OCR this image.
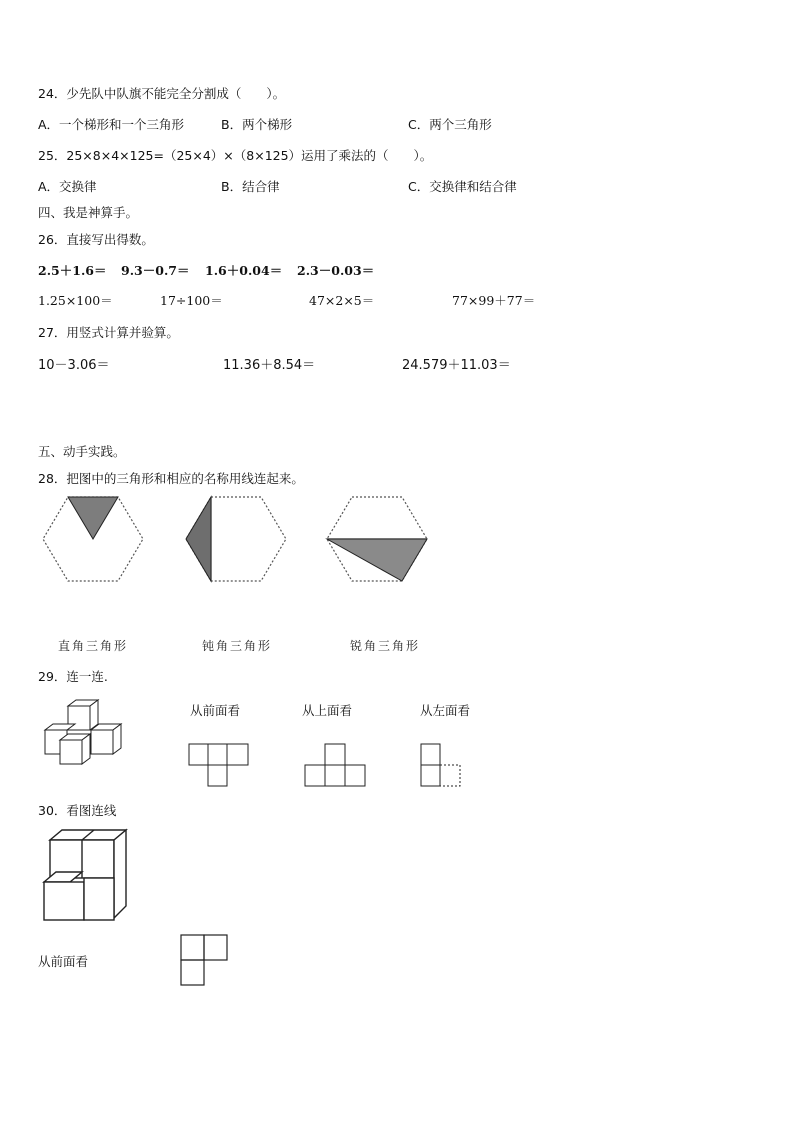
24．少先队中队旗不能完全分割成（　　）。
A．一个梯形和一个三角形	B．两个梯形	C．两个三角形
25．25×8×4×125=（25×4）×（8×125）运用了乘法的（　　）。
A．交换律	B．结合律	C．交换律和结合律
四、我是神算手。
26．直接写出得数。
2.5＋1.6＝ 9.3－0.7＝ 1.6＋0.04＝ 2.3－0.03＝
1.25×100＝	17÷100＝	47×2×5＝	77×99＋77＝
27．用竖式计算并验算。
10－3.06＝	11.36＋8.54＝	24.579＋11.03＝
五、动手实践。
28．把图中的三角形和相应的名称用线连起来。
直角三角形	钝角三角形	锐角三角形
29．连一连.
从前面看	从上面看	从左面看
30．看图连线
从前面看
